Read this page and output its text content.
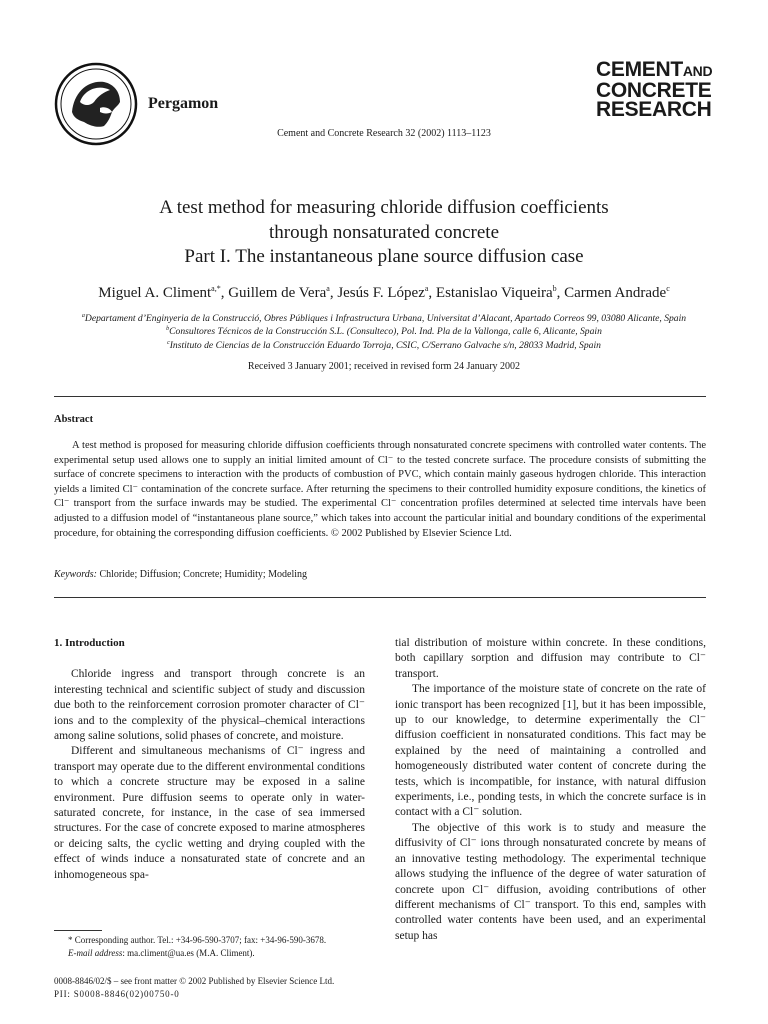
Pergamon
Cement and Concrete Research 32 (2002) 1113–1123
CEMENTAND
CONCRETE
RESEARCH
A test method for measuring chloride diffusion coefficients
through nonsaturated concrete
Part I. The instantaneous plane source diffusion case
Miguel A. Climent$^{a,*}$, Guillem de Vera$^a$, Jesús F. López$^a$, Estanislao Viqueira$^b$, Carmen Andrade$^c$
$^a$Departament d’Enginyeria de la Construcció, Obres Públiques i Infrastructura Urbana, Universitat d’Alacant, Apartado Correos 99, 03080 Alicante, Spain
$^b$Consultores Técnicos de la Construcción S.L. (Consulteco), Pol. Ind. Pla de la Vallonga, calle 6, Alicante, Spain
$^c$Instituto de Ciencias de la Construcción Eduardo Torroja, CSIC, C/Serrano Galvache s/n, 28033 Madrid, Spain
Received 3 January 2001; received in revised form 24 January 2002
Abstract
A test method is proposed for measuring chloride diffusion coefficients through nonsaturated concrete specimens with controlled water contents. The experimental setup used allows one to supply an initial limited amount of Cl⁻ to the tested concrete surface. The procedure consists of submitting the surface of concrete specimens to interaction with the products of combustion of PVC, which contain mainly gaseous hydrogen chloride. This interaction yields a limited Cl⁻ contamination of the concrete surface. After returning the specimens to their controlled humidity exposure conditions, the kinetics of Cl⁻ transport from the surface inwards may be studied. The experimental Cl⁻ concentration profiles determined at selected time intervals have been adjusted to a diffusion model of “instantaneous plane source,” which takes into account the particular initial and boundary conditions of the experimental procedure, for obtaining the corresponding diffusion coefficients. © 2002 Published by Elsevier Science Ltd.
Keywords: Chloride; Diffusion; Concrete; Humidity; Modeling
1. Introduction

Chloride ingress and transport through concrete is an interesting technical and scientific subject of study and discussion due both to the reinforcement corrosion promoter character of Cl⁻ ions and to the complexity of the physical–chemical interactions among saline solutions, solid phases of concrete, and moisture.

Different and simultaneous mechanisms of Cl⁻ ingress and transport may operate due to the different environmental conditions to which a concrete structure may be exposed in a saline environment. Pure diffusion seems to operate only in water-saturated concrete, for instance, in the case of sea immersed structures. For the case of concrete exposed to marine atmospheres or deicing salts, the cyclic wetting and drying coupled with the effect of winds induce a nonsaturated state of concrete and an inhomogeneous spa-

tial distribution of moisture within concrete. In these conditions, both capillary sorption and diffusion may contribute to Cl⁻ transport.

The importance of the moisture state of concrete on the rate of ionic transport has been recognized [1], but it has been impossible, up to our knowledge, to determine experimentally the Cl⁻ diffusion coefficient in nonsaturated conditions. This fact may be explained by the need of maintaining a controlled and homogeneously distributed water content of concrete during the tests, which is incompatible, for instance, with natural diffusion experiments, i.e., ponding tests, in which the concrete surface is in contact with a Cl⁻ solution.

The objective of this work is to study and measure the diffusivity of Cl⁻ ions through nonsaturated concrete by means of an innovative testing methodology. The experimental technique allows studying the influence of the degree of water saturation of concrete upon Cl⁻ diffusion, avoiding contributions of other different mechanisms of Cl⁻ transport. To this end, samples with controlled water contents have been used, and an experimental setup has

* Corresponding author. Tel.: +34-96-590-3707; fax: +34-96-590-3678.

E-mail address: ma.climent@ua.es (M.A. Climent).

0008-8846/02/$ – see front matter © 2002 Published by Elsevier Science Ltd.
PII: S0008-8846(02)00750-0
